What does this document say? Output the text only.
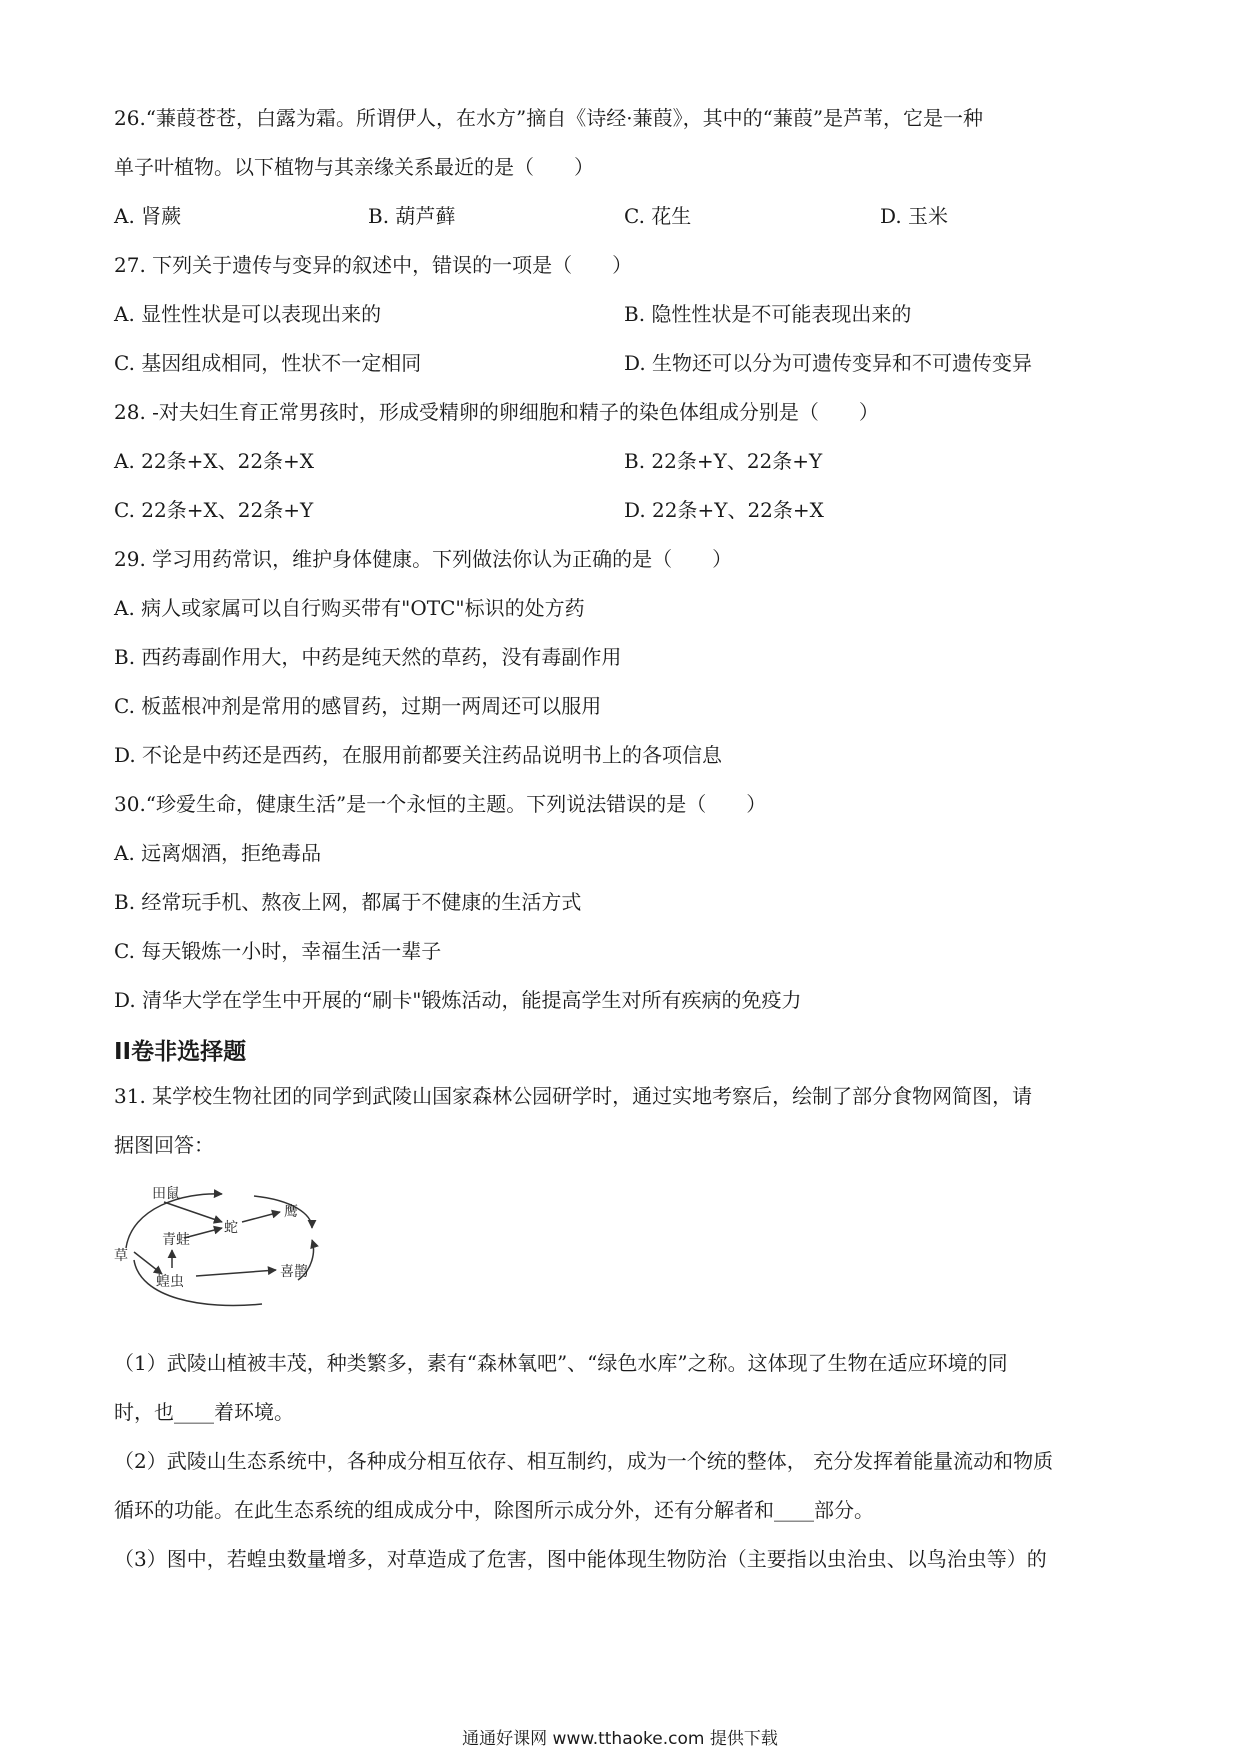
26.“蒹葭苍苍，白露为霜。所谓伊人，在水方”摘自《诗经·蒹葭》，其中的“蒹葭”是芦苇，它是一种
单子叶植物。以下植物与其亲缘关系最近的是（　　）
A. 肾蕨	B. 葫芦藓	C. 花生	D. 玉米
27. 下列关于遗传与变异的叙述中，错误的一项是（　　）
A. 显性性状是可以表现出来的	B. 隐性性状是不可能表现出来的
C. 基因组成相同，性状不一定相同	D. 生物还可以分为可遗传变异和不可遗传变异
28. -对夫妇生育正常男孩时，形成受精卵的卵细胞和精子的染色体组成分别是（　　）
A. 22条+X、22条+X	B. 22条+Y、22条+Y
C. 22条+X、22条+Y	D. 22条+Y、22条+X
29. 学习用药常识，维护身体健康。下列做法你认为正确的是（　　）
A. 病人或家属可以自行购买带有"OTC"标识的处方药
B. 西药毒副作用大，中药是纯天然的草药，没有毒副作用
C. 板蓝根冲剂是常用的感冒药，过期一两周还可以服用
D. 不论是中药还是西药，在服用前都要关注药品说明书上的各项信息
30.“珍爱生命，健康生活”是一个永恒的主题。下列说法错误的是（　　）
A. 远离烟酒，拒绝毒品
B. 经常玩手机、熬夜上网，都属于不健康的生活方式
C. 每天锻炼一小时，幸福生活一辈子
D. 清华大学在学生中开展的“刷卡"锻炼活动，能提高学生对所有疾病的免疫力
II卷非选择题
31. 某学校生物社团的同学到武陵山国家森林公园研学时，通过实地考察后，绘制了部分食物网简图，请
据图回答：
草
田鼠
青蛙
蛇
鹰
蝗虫
喜鹊
（1）武陵山植被丰茂，种类繁多，素有“森林氧吧”、“绿色水库”之称。这体现了生物在适应环境的同
时，也____着环境。
（2）武陵山生态系统中，各种成分相互依存、相互制约，成为一个统的整体， 充分发挥着能量流动和物质
循环的功能。在此生态系统的组成成分中，除图所示成分外，还有分解者和____部分。
（3）图中，若蝗虫数量增多，对草造成了危害，图中能体现生物防治（主要指以虫治虫、以鸟治虫等）的
通通好课网 www.tthaoke.com 提供下载
